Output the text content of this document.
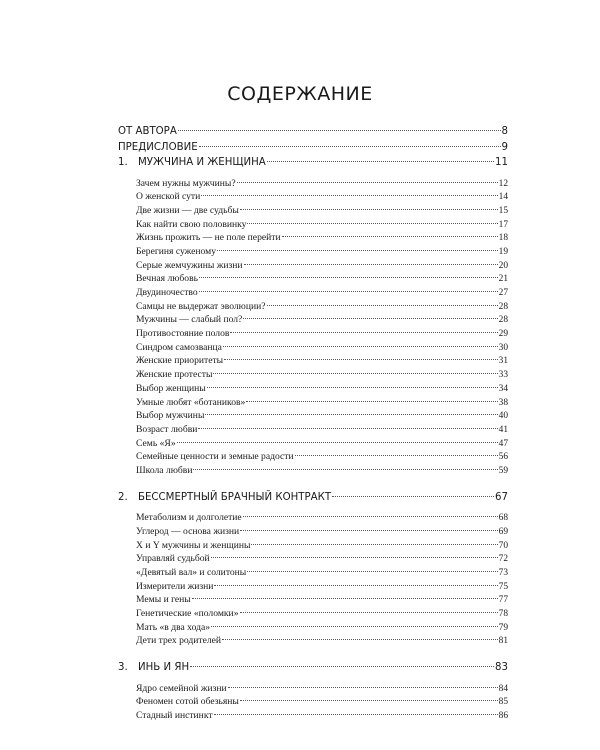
СОДЕРЖАНИЕ
ОТ АВТОРА	8
ПРЕДИСЛОВИЕ	9
1.	МУЖЧИНА И ЖЕНЩИНА	11
Зачем нужны мужчины?	12
О женской сути	14
Две жизни — две судьбы	15
Как найти свою половинку	17
Жизнь прожить — не поле перейти	18
Берегиня суженому	19
Серые жемчужины жизни	20
Вечная любовь	21
Двудиночество	27
Самцы не выдержат эволюции?	28
Мужчины — слабый пол?	28
Противостояние полов	29
Синдром самозванца	30
Женские приоритеты	31
Женские протесты	33
Выбор женщины	34
Умные любят «ботаников»	38
Выбор мужчины	40
Возраст любви	41
Семь «Я»	47
Семейные ценности и земные радости	56
Школа любви	59
2.	БЕССМЕРТНЫЙ БРАЧНЫЙ КОНТРАКТ	67
Метаболизм и долголетие	68
Углерод — основа жизни	69
X и Y мужчины и женщины	70
Управляй судьбой	72
«Девятый вал» и солитоны	73
Измерители жизни	75
Мемы и гены	77
Генетические «поломки»	78
Мать «в два хода»	79
Дети трех родителей	81
3.	ИНЬ И ЯН	83
Ядро семейной жизни	84
Феномен сотой обезьяны	85
Стадный инстинкт	86
